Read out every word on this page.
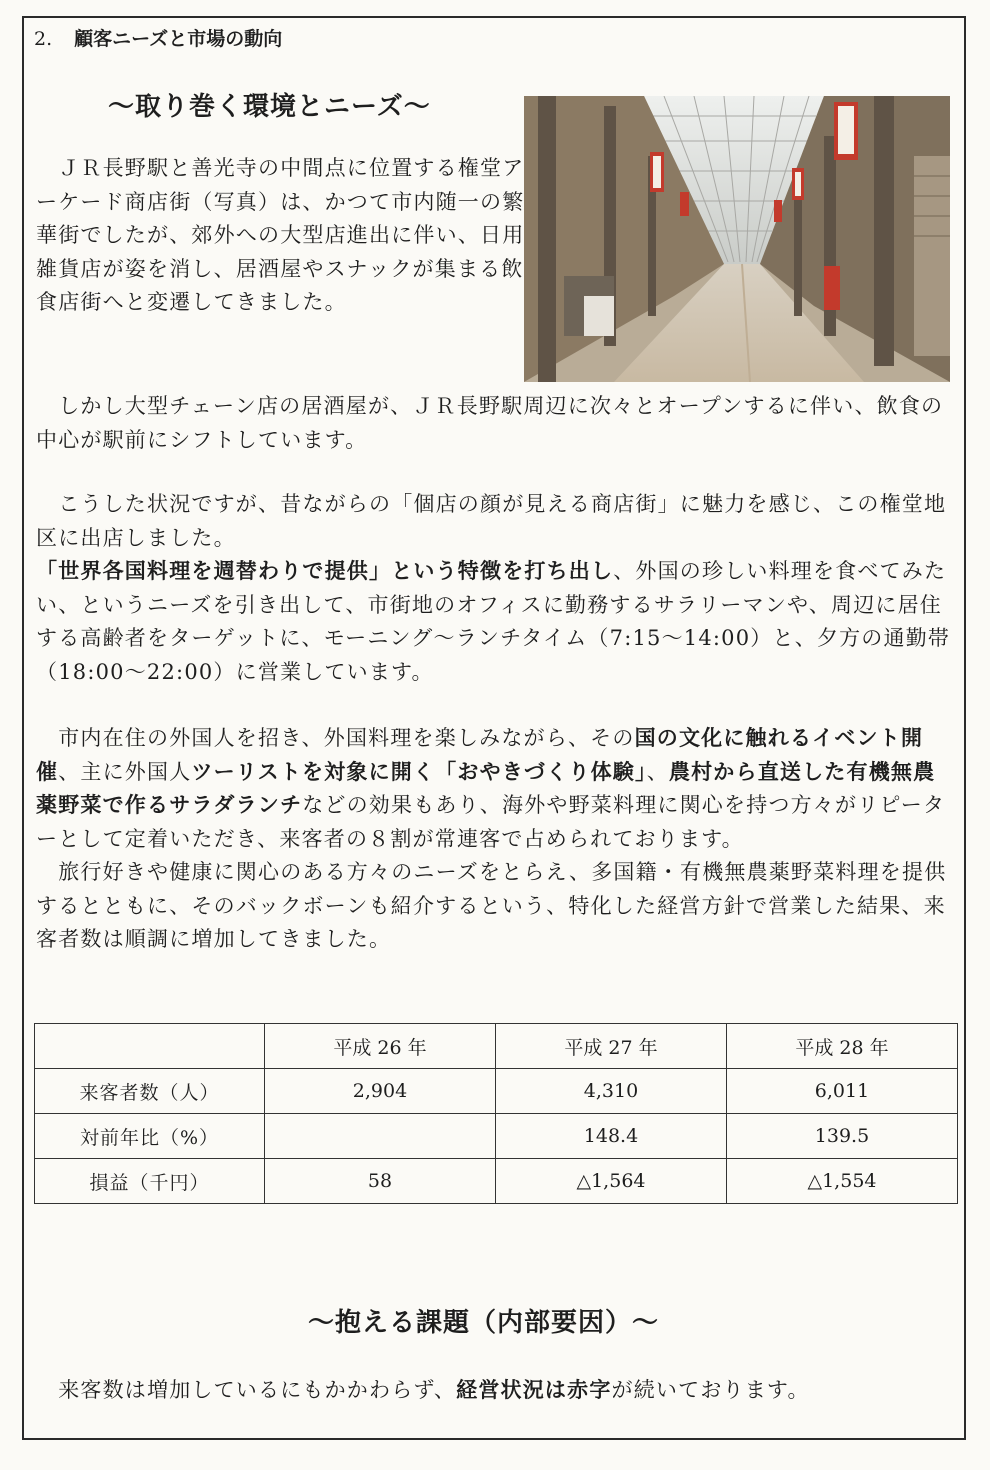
2. 顧客ニーズと市場の動向
～取り巻く環境とニーズ～

　ＪＲ長野駅と善光寺の中間点に位置する権堂アーケード商店街（写真）は、かつて市内随一の繁華街でしたが、郊外への大型店進出に伴い、日用雑貨店が姿を消し、居酒屋やスナックが集まる飲食店街へと変遷してきました。

　しかし大型チェーン店の居酒屋が、ＪＲ長野駅周辺に次々とオープンするに伴い、飲食の中心が駅前にシフトしています。

　こうした状況ですが、昔ながらの「個店の顔が見える商店街」に魅力を感じ、この権堂地区に出店しました。
「世界各国料理を週替わりで提供」という特徴を打ち出し、外国の珍しい料理を食べてみたい、というニーズを引き出して、市街地のオフィスに勤務するサラリーマンや、周辺に居住する高齢者をターゲットに、モーニング～ランチタイム（7:15～14:00）と、夕方の通勤帯（18:00～22:00）に営業しています。

　市内在住の外国人を招き、外国料理を楽しみながら、その国の文化に触れるイベント開催、主に外国人ツーリストを対象に開く「おやきづくり体験」、農村から直送した有機無農薬野菜で作るサラダランチなどの効果もあり、海外や野菜料理に関心を持つ方々がリピーターとして定着いただき、来客者の８割が常連客で占められております。
　旅行好きや健康に関心のある方々のニーズをとらえ、多国籍・有機無農薬野菜料理を提供するとともに、そのバックボーンも紹介するという、特化した経営方針で営業した結果、来客者数は順調に増加してきました。

	平成 26 年	平成 27 年	平成 28 年
来客者数（人）	2,904	4,310	6,011
対前年比（%）		148.4	139.5
損益（千円）	58	△1,564	△1,554
～抱える課題（内部要因）～

　来客数は増加しているにもかかわらず、経営状況は赤字が続いております。
